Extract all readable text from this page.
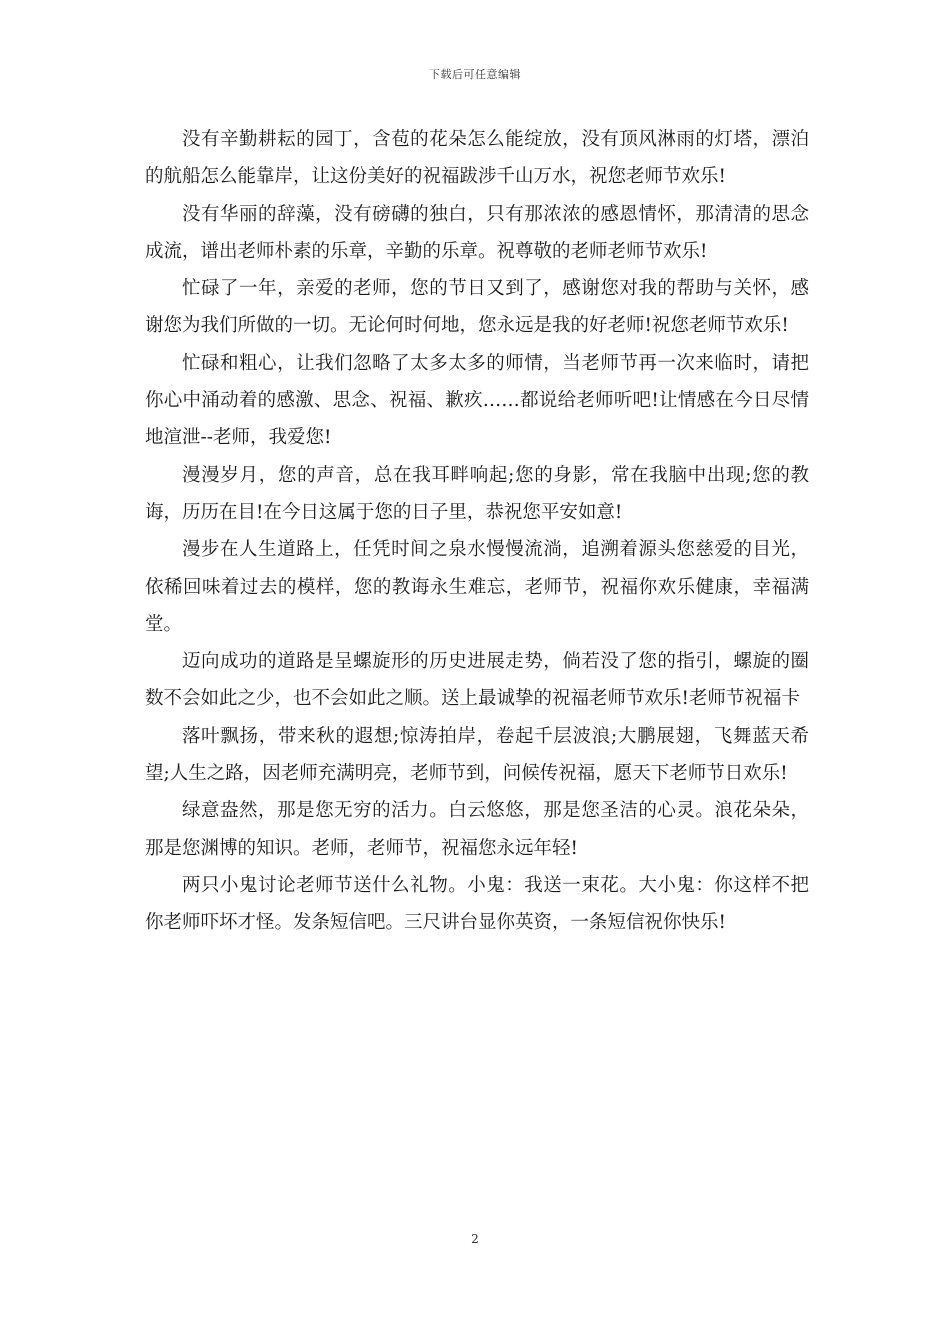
下载后可任意编辑

没有辛勤耕耘的园丁，含苞的花朵怎么能绽放，没有顶风淋雨的灯塔，漂泊的航船怎么能靠岸，让这份美好的祝福跋涉千山万水，祝您老师节欢乐!

没有华丽的辞藻，没有磅礴的独白，只有那浓浓的感恩情怀，那清清的思念成流，谱出老师朴素的乐章，辛勤的乐章。祝尊敬的老师老师节欢乐!

忙碌了一年，亲爱的老师，您的节日又到了，感谢您对我的帮助与关怀，感谢您为我们所做的一切。无论何时何地，您永远是我的好老师!祝您老师节欢乐!

忙碌和粗心，让我们忽略了太多太多的师情，当老师节再一次来临时，请把你心中涌动着的感激、思念、祝福、歉疚……都说给老师听吧!让情感在今日尽情地渲泄--老师，我爱您!

漫漫岁月，您的声音，总在我耳畔响起;您的身影，常在我脑中出现;您的教诲，历历在目!在今日这属于您的日子里，恭祝您平安如意!

漫步在人生道路上，任凭时间之泉水慢慢流淌，追溯着源头您慈爱的目光，依稀回味着过去的模样，您的教诲永生难忘，老师节，祝福你欢乐健康，幸福满堂。

迈向成功的道路是呈螺旋形的历史进展走势，倘若没了您的指引，螺旋的圈数不会如此之少，也不会如此之顺。送上最诚挚的祝福老师节欢乐!老师节祝福卡

落叶飘扬，带来秋的遐想;惊涛拍岸，卷起千层波浪;大鹏展翅，飞舞蓝天希望;人生之路，因老师充满明亮，老师节到，问候传祝福，愿天下老师节日欢乐!

绿意盎然，那是您无穷的活力。白云悠悠，那是您圣洁的心灵。浪花朵朵，那是您渊博的知识。老师，老师节，祝福您永远年轻!

两只小鬼讨论老师节送什么礼物。小鬼：我送一束花。大小鬼：你这样不把你老师吓坏才怪。发条短信吧。三尺讲台显你英资，一条短信祝你快乐!

2
